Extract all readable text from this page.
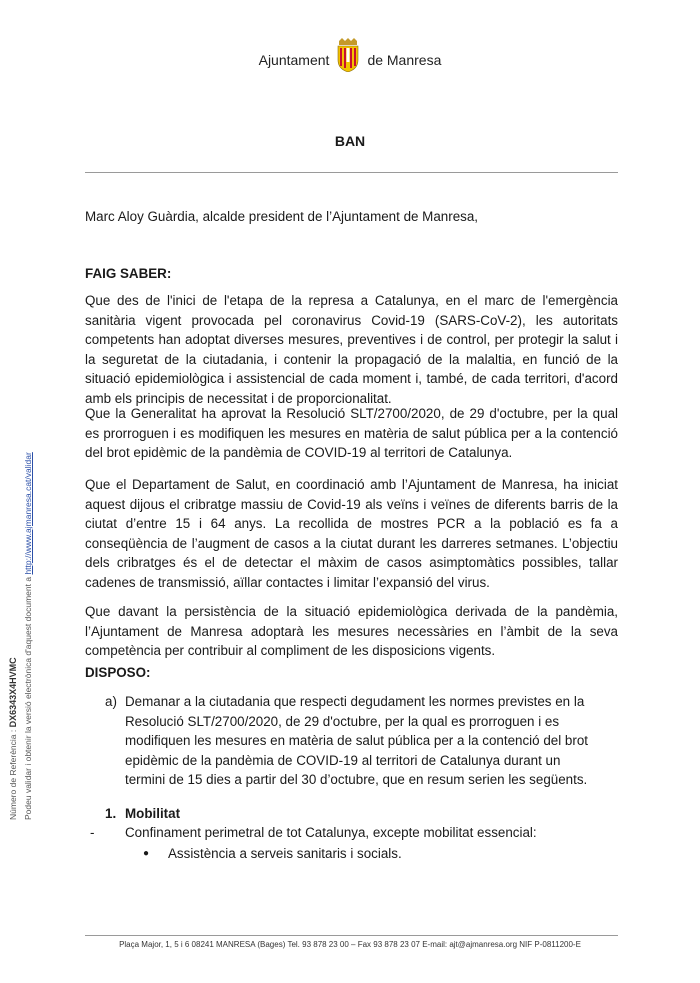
Ajuntament	de Manresa
BAN
Número de Referència : DX6343X4HVMC Podeu validar i obtenir la versió electrònica d'aquest document a http://www.ajmanresa.cat/validar

Marc Aloy Guàrdia, alcalde president de l’Ajuntament de Manresa,

FAIG SABER:

Que des de l'inici de l'etapa de la represa a Catalunya, en el marc de l'emergència sanitària vigent provocada pel coronavirus Covid-19 (SARS-CoV-2), les autoritats competents han adoptat diverses mesures, preventives i de control, per protegir la salut i la seguretat de la ciutadania, i contenir la propagació de la malaltia, en funció de la situació epidemiològica i assistencial de cada moment i, també, de cada territori, d'acord amb els principis de necessitat i de proporcionalitat.

Que la Generalitat ha aprovat la Resolució SLT/2700/2020, de 29 d'octubre, per la qual es prorroguen i es modifiquen les mesures en matèria de salut pública per a la contenció del brot epidèmic de la pandèmia de COVID-19 al territori de Catalunya.

Que el Departament de Salut, en coordinació amb l’Ajuntament de Manresa, ha iniciat aquest dijous el cribratge massiu de Covid-19 als veïns i veïnes de diferents barris de la ciutat d’entre 15 i 64 anys. La recollida de mostres PCR a la població es fa a conseqüència de l’augment de casos a la ciutat durant les darreres setmanes. L’objectiu dels cribratges és el de detectar el màxim de casos asimptomàtics possibles, tallar cadenes de transmissió, aïllar contactes i limitar l’expansió del virus.

Que davant la persistència de la situació epidemiològica derivada de la pandèmia, l’Ajuntament de Manresa adoptarà les mesures necessàries en l’àmbit de la seva competència per contribuir al compliment de les disposicions vigents.

DISPOSO:
a) Demanar a la ciutadania que respecti degudament les normes previstes en la Resolució SLT/2700/2020, de 29 d'octubre, per la qual es prorroguen i es modifiquen les mesures en matèria de salut pública per a la contenció del brot epidèmic de la pandèmia de COVID-19 al territori de Catalunya durant un termini de 15 dies a partir del 30 d’octubre, que en resum serien les següents.
1. Mobilitat
-	Confinament perimetral de tot Catalunya, excepte mobilitat essencial:
●	Assistència a serveis sanitaris i socials.
Plaça Major, 1, 5 i 6 08241 MANRESA (Bages) Tel. 93 878 23 00 – Fax 93 878 23 07 E-mail: ajt@ajmanresa.org NIF P-0811200-E
